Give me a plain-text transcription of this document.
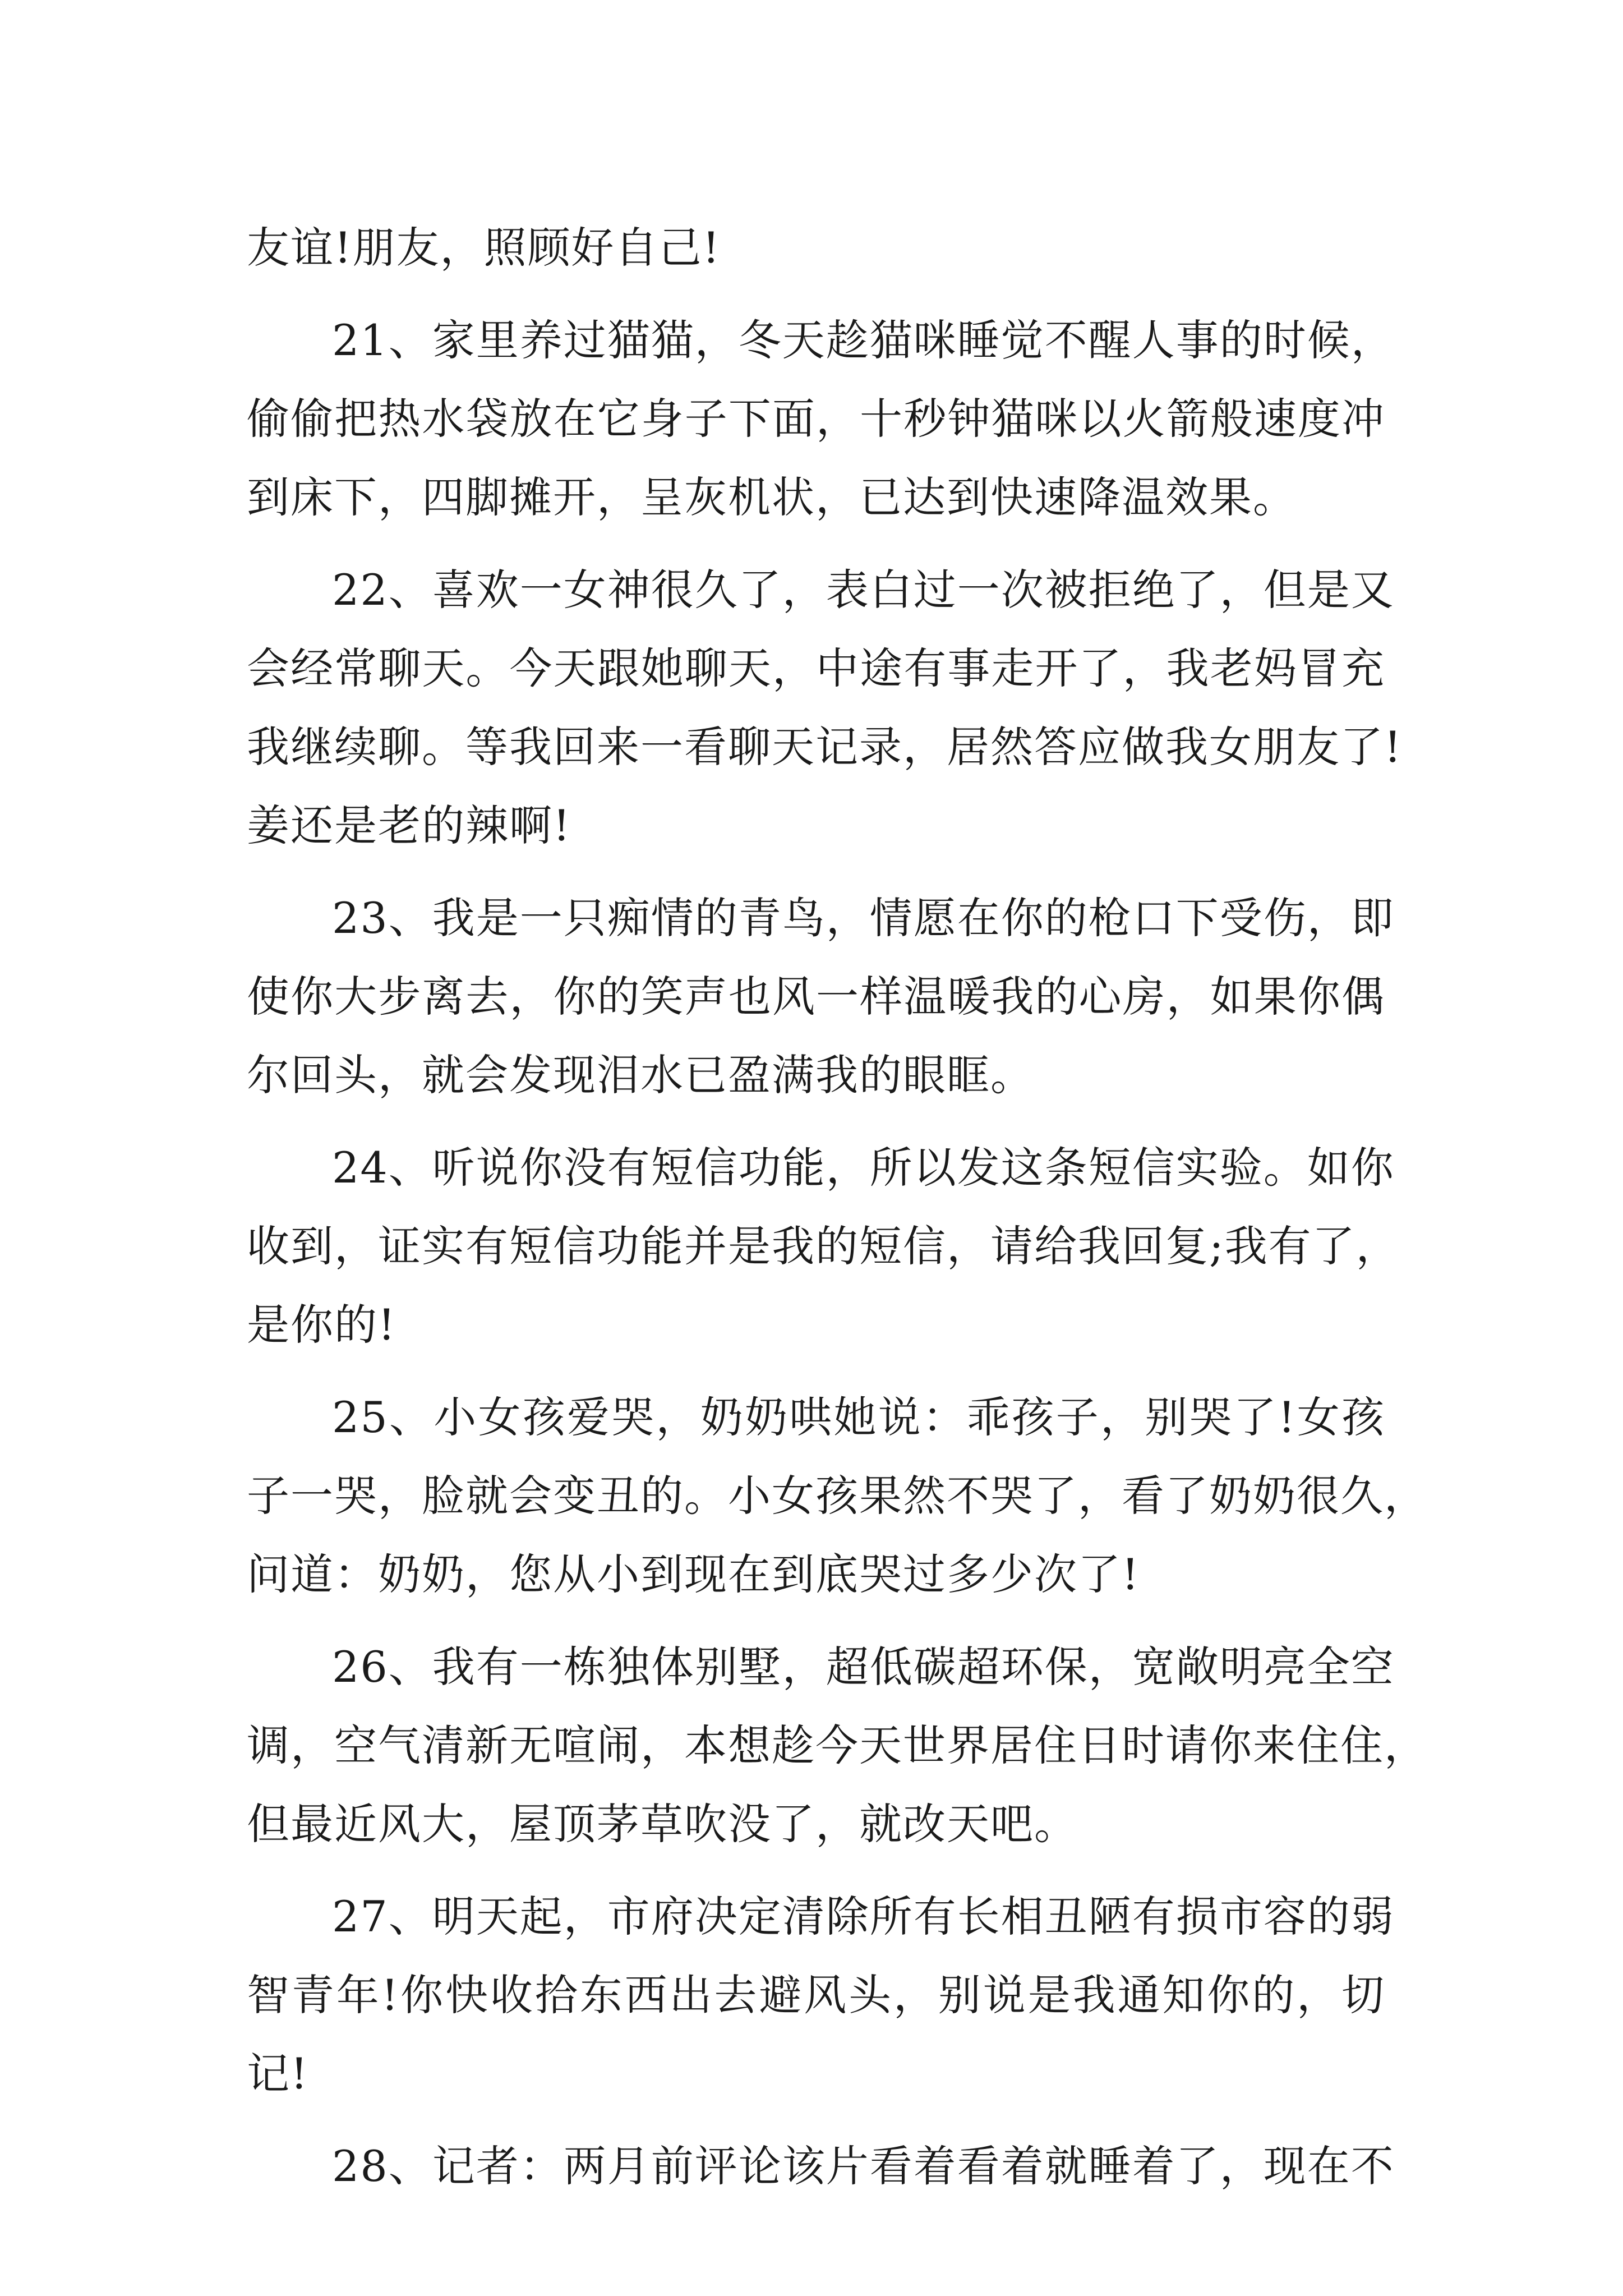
友谊!朋友，照顾好自己!
21、家里养过猫猫，冬天趁猫咪睡觉不醒人事的时候，
偷偷把热水袋放在它身子下面，十秒钟猫咪以火箭般速度冲
到床下，四脚摊开，呈灰机状，已达到快速降温效果。
22、喜欢一女神很久了，表白过一次被拒绝了，但是又
会经常聊天。今天跟她聊天，中途有事走开了，我老妈冒充
我继续聊。等我回来一看聊天记录，居然答应做我女朋友了!
姜还是老的辣啊!
23、我是一只痴情的青鸟，情愿在你的枪口下受伤，即
使你大步离去，你的笑声也风一样温暖我的心房，如果你偶
尔回头，就会发现泪水已盈满我的眼眶。
24、听说你没有短信功能，所以发这条短信实验。如你
收到，证实有短信功能并是我的短信，请给我回复;我有了，
是你的!
25、小女孩爱哭，奶奶哄她说：乖孩子，别哭了!女孩
子一哭，脸就会变丑的。小女孩果然不哭了，看了奶奶很久，
问道：奶奶，您从小到现在到底哭过多少次了!
26、我有一栋独体别墅，超低碳超环保，宽敞明亮全空
调，空气清新无喧闹，本想趁今天世界居住日时请你来住住，
但最近风大，屋顶茅草吹没了，就改天吧。
27、明天起，市府决定清除所有长相丑陋有损市容的弱
智青年!你快收拾东西出去避风头，别说是我通知你的，切
记!
28、记者：两月前评论该片看着看着就睡着了，现在不
